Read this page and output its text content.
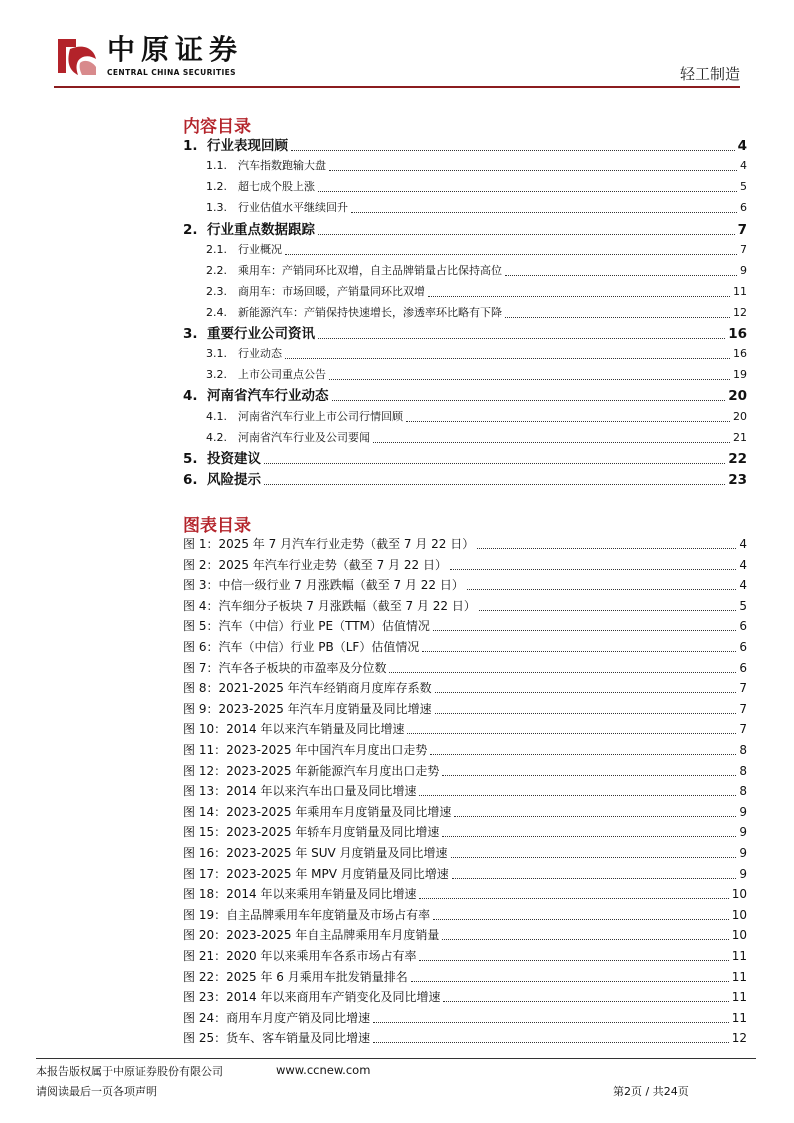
中原证券
CENTRAL CHINA SECURITIES	轻工制造
内容目录
1. 行业表现回顾	4
1.1.	汽车指数跑输大盘	4
1.2.	超七成个股上涨	5
1.3.	行业估值水平继续回升	6
2. 行业重点数据跟踪	7
2.1.	行业概况	7
2.2.	乘用车：产销同环比双增，自主品牌销量占比保持高位	9
2.3.	商用车：市场回暖，产销量同环比双增	11
2.4.	新能源汽车：产销保持快速增长，渗透率环比略有下降	12
3. 重要行业公司资讯	16
3.1.	行业动态	16
3.2.	上市公司重点公告	19
4. 河南省汽车行业动态	20
4.1.	河南省汽车行业上市公司行情回顾	20
4.2.	河南省汽车行业及公司要闻	21
5. 投资建议	22
6. 风险提示	23
图表目录
图 1： 2025 年 7 月汽车行业走势（截至 7 月 22 日）	4
图 2： 2025 年汽车行业走势（截至 7 月 22 日）	4
图 3： 中信一级行业 7 月涨跌幅（截至 7 月 22 日）	4
图 4： 汽车细分子板块 7 月涨跌幅（截至 7 月 22 日）	5
图 5： 汽车（中信）行业 PE（TTM）估值情况	6
图 6： 汽车（中信）行业 PB（LF）估值情况	6
图 7： 汽车各子板块的市盈率及分位数	6
图 8： 2021-2025 年汽车经销商月度库存系数	7
图 9： 2023-2025 年汽车月度销量及同比增速	7
图 10： 2014 年以来汽车销量及同比增速	7
图 11： 2023-2025 年中国汽车月度出口走势	8
图 12： 2023-2025 年新能源汽车月度出口走势	8
图 13： 2014 年以来汽车出口量及同比增速	8
图 14： 2023-2025 年乘用车月度销量及同比增速	9
图 15： 2023-2025 年轿车月度销量及同比增速	9
图 16： 2023-2025 年 SUV 月度销量及同比增速	9
图 17： 2023-2025 年 MPV 月度销量及同比增速	9
图 18： 2014 年以来乘用车销量及同比增速	10
图 19： 自主品牌乘用车年度销量及市场占有率	10
图 20： 2023-2025 年自主品牌乘用车月度销量	10
图 21： 2020 年以来乘用车各系市场占有率	11
图 22： 2025 年 6 月乘用车批发销量排名	11
图 23： 2014 年以来商用车产销变化及同比增速	11
图 24： 商用车月度产销及同比增速	11
图 25： 货车、客车销量及同比增速	12
本报告版权属于中原证券股份有限公司	www.ccnew.com
请阅读最后一页各项声明	第2页 / 共24页
